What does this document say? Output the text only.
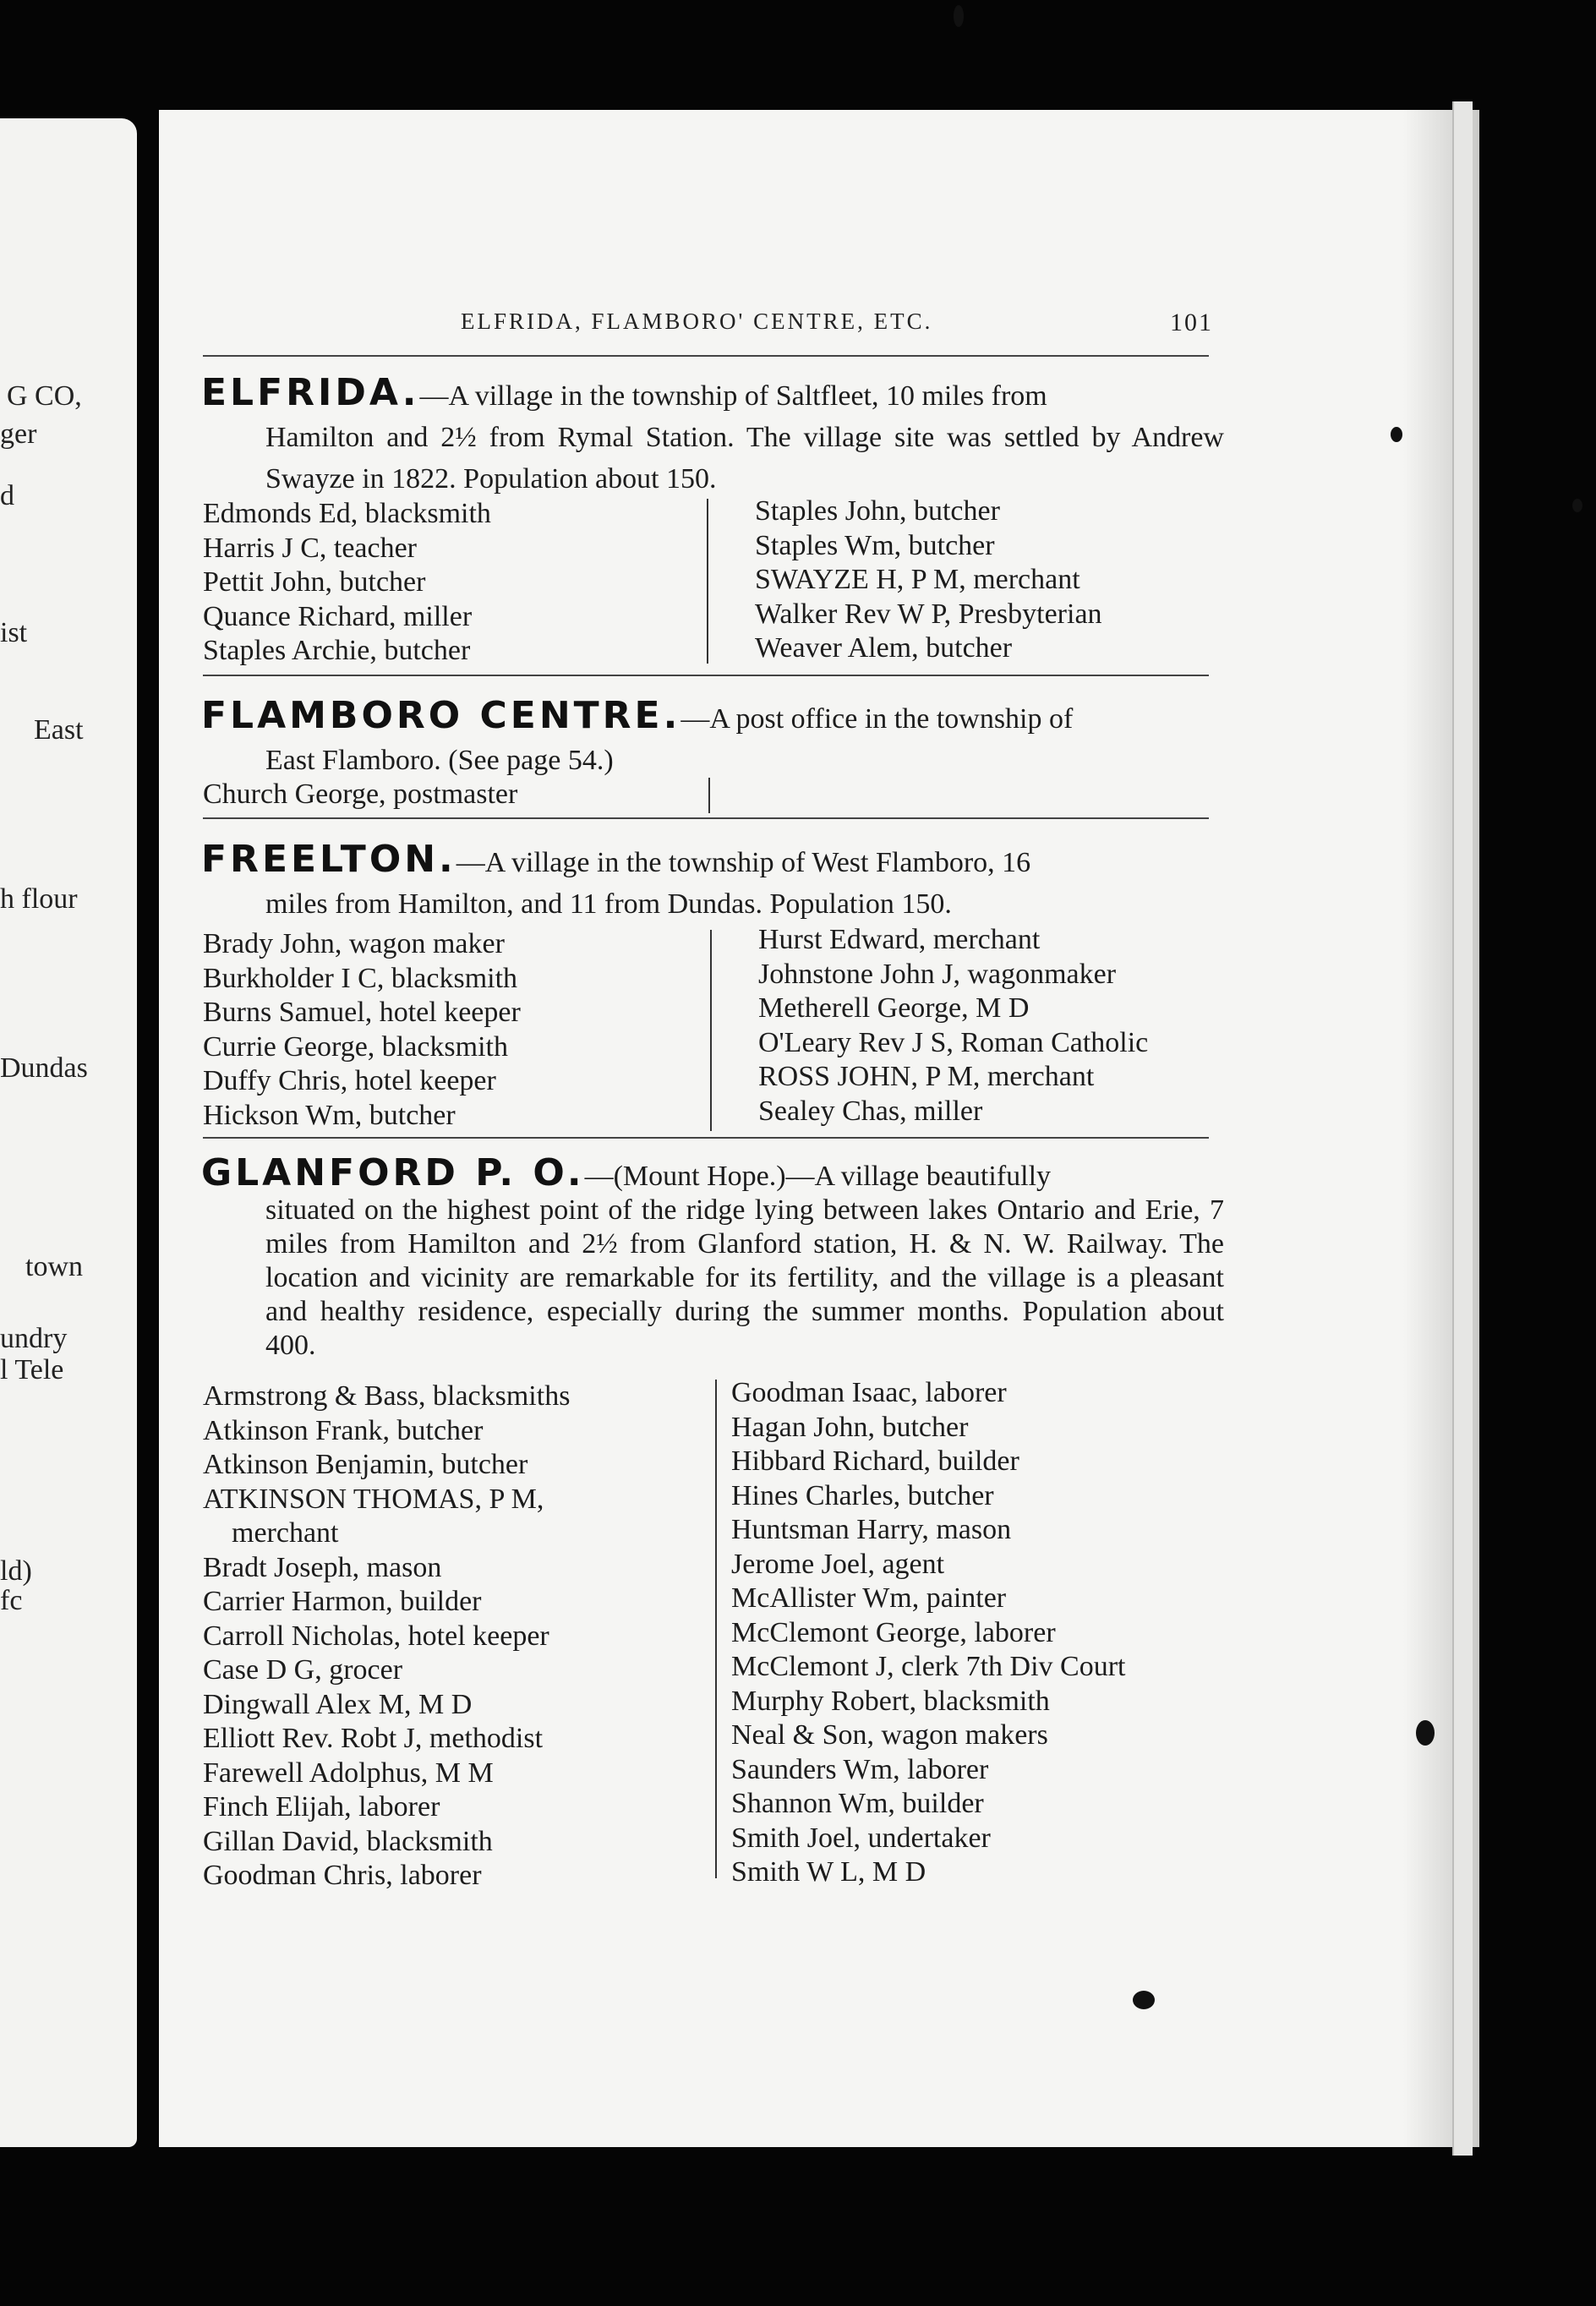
G CO,
ger
d
ist
East
h flour
Dundas
town
undry
l Tele
ld)
fc
ELFRIDA, FLAMBORO' CENTRE, ETC.	101
ELFRIDA.—A village in the township of Saltfleet, 10 miles from
Hamilton and 2½ from Rymal Station. The village site was settled by Andrew Swayze in 1822. Population about 150.
Edmonds Ed, blacksmith
Harris J C, teacher
Pettit John, butcher
Quance Richard, miller
Staples Archie, butcher
Staples John, butcher
Staples Wm, butcher
SWAYZE H, P M, merchant
Walker Rev W P, Presbyterian
Weaver Alem, butcher
FLAMBORO CENTRE.—A post office in the township of
East Flamboro. (See page 54.)
Church George, postmaster
FREELTON.—A village in the township of West Flamboro, 16
miles from Hamilton, and 11 from Dundas. Population 150.
Brady John, wagon maker
Burkholder I C, blacksmith
Burns Samuel, hotel keeper
Currie George, blacksmith
Duffy Chris, hotel keeper
Hickson Wm, butcher
Hurst Edward, merchant
Johnstone John J, wagonmaker
Metherell George, M D
O'Leary Rev J S, Roman Catholic
ROSS JOHN, P M, merchant
Sealey Chas, miller
GLANFORD P. O.—(Mount Hope.)—A village beautifully
situated on the highest point of the ridge lying between lakes Ontario and Erie, 7 miles from Hamilton and 2½ from Glanford station, H. & N. W. Railway. The location and vicinity are remarkable for its fertility, and the village is a pleasant and healthy residence, especially during the summer months. Population about 400.
Armstrong & Bass, blacksmiths
Atkinson Frank, butcher
Atkinson Benjamin, butcher
ATKINSON THOMAS, P M,
merchant
Bradt Joseph, mason
Carrier Harmon, builder
Carroll Nicholas, hotel keeper
Case D G, grocer
Dingwall Alex M, M D
Elliott Rev. Robt J, methodist
Farewell Adolphus, M M
Finch Elijah, laborer
Gillan David, blacksmith
Goodman Chris, laborer
Goodman Isaac, laborer
Hagan John, butcher
Hibbard Richard, builder
Hines Charles, butcher
Huntsman Harry, mason
Jerome Joel, agent
McAllister Wm, painter
McClemont George, laborer
McClemont J, clerk 7th Div Court
Murphy Robert, blacksmith
Neal & Son, wagon makers
Saunders Wm, laborer
Shannon Wm, builder
Smith Joel, undertaker
Smith W L, M D
